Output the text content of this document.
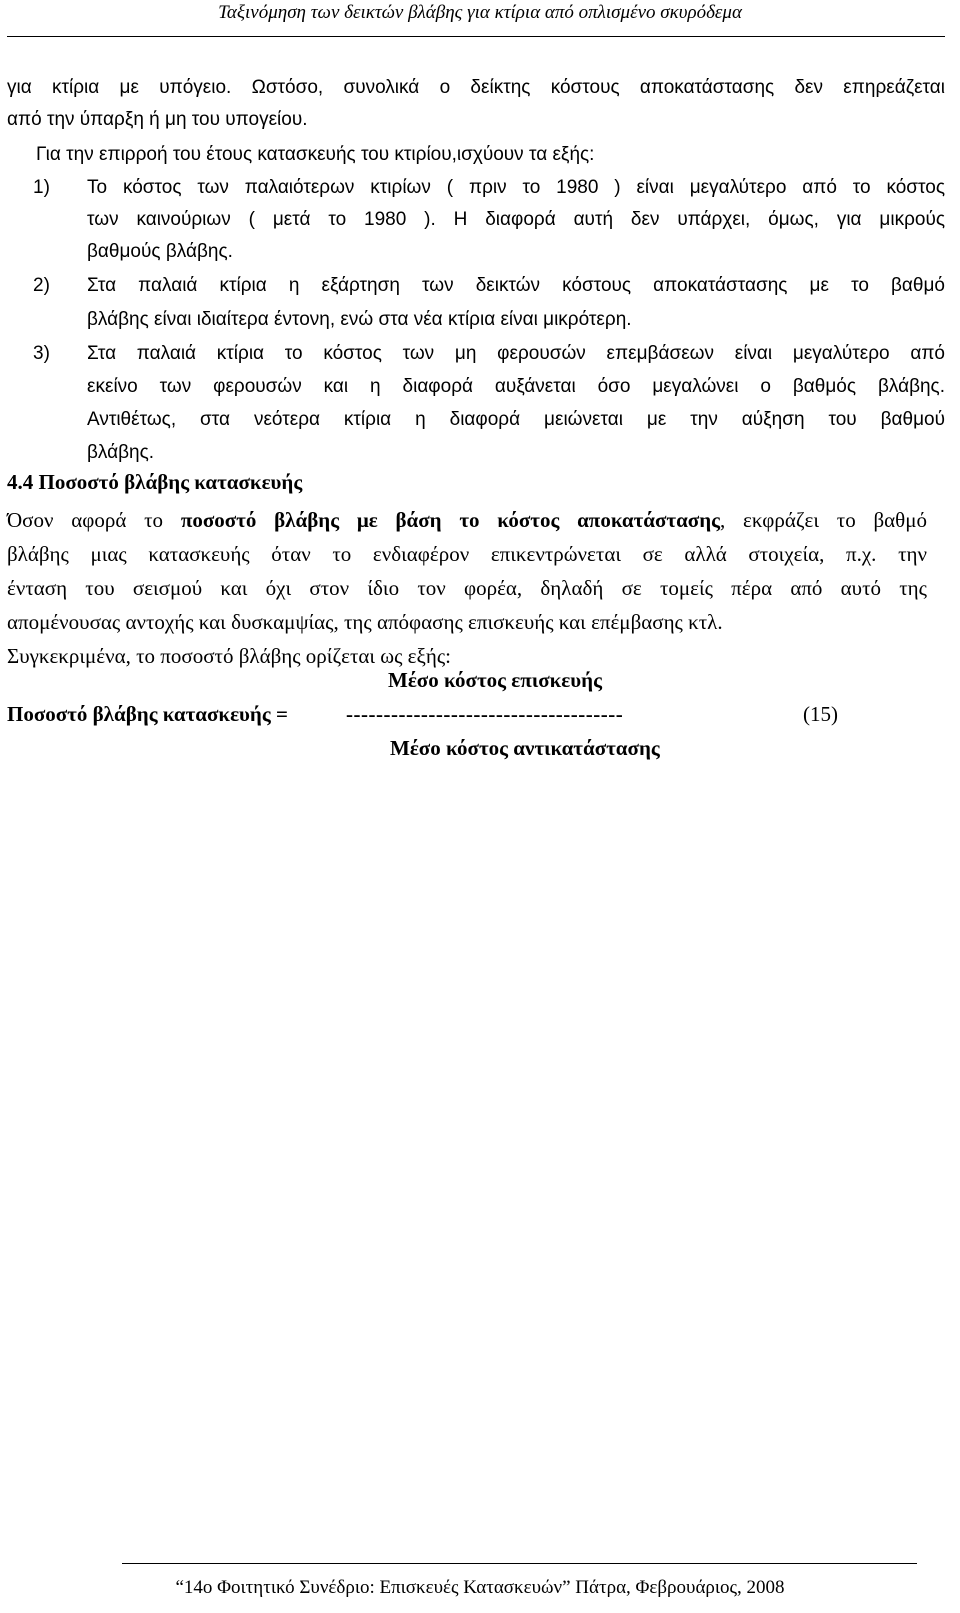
Ταξινόμηση των δεικτών βλάβης για κτίρια από οπλισμένο σκυρόδεμα
για κτίρια με υπόγειο. Ωστόσο, συνολικά ο δείκτης κόστους αποκατάστασης δεν επηρεάζεται
από την ύπαρξη ή μη του υπογείου.
Για την επιρροή του έτους κατασκευής του κτιρίου,ισχύουν τα εξής:
1) Το κόστος των παλαιότερων κτιρίων ( πριν το 1980 ) είναι μεγαλύτερο από το κόστος
των καινούριων ( μετά το 1980 ). Η διαφορά αυτή δεν υπάρχει, όμως, για μικρούς
βαθμούς βλάβης.
2) Στα παλαιά κτίρια η εξάρτηση των δεικτών κόστους αποκατάστασης με το βαθμό
βλάβης είναι ιδιαίτερα έντονη, ενώ στα νέα κτίρια είναι μικρότερη.
3) Στα παλαιά κτίρια το κόστος των μη φερουσών επεμβάσεων είναι μεγαλύτερο από
εκείνο των φερουσών και η διαφορά αυξάνεται όσο μεγαλώνει ο βαθμός βλάβης.
Αντιθέτως, στα νεότερα κτίρια η διαφορά μειώνεται με την αύξηση του βαθμού
βλάβης.
4.4 Ποσοστό βλάβης κατασκευής
Όσον αφορά το ποσοστό βλάβης με βάση το κόστος αποκατάστασης, εκφράζει το βαθμό
βλάβης μιας κατασκευής όταν το ενδιαφέρον επικεντρώνεται σε αλλά στοιχεία, π.χ. την
ένταση του σεισμού και όχι στον ίδιο τον φορέα, δηλαδή σε τομείς πέρα από αυτό της
απομένουσας αντοχής και δυσκαμψίας, της απόφασης επισκευής και επέμβασης κτλ.
Συγκεκριμένα, το ποσοστό βλάβης ορίζεται ως εξής:
Μέσο κόστος επισκευής
Ποσοστό βλάβης κατασκευής =	-------------------------------------	(15)
Μέσο κόστος αντικατάστασης
“14ο Φοιτητικό Συνέδριο: Επισκευές Κατασκευών” Πάτρα, Φεβρουάριος, 2008
